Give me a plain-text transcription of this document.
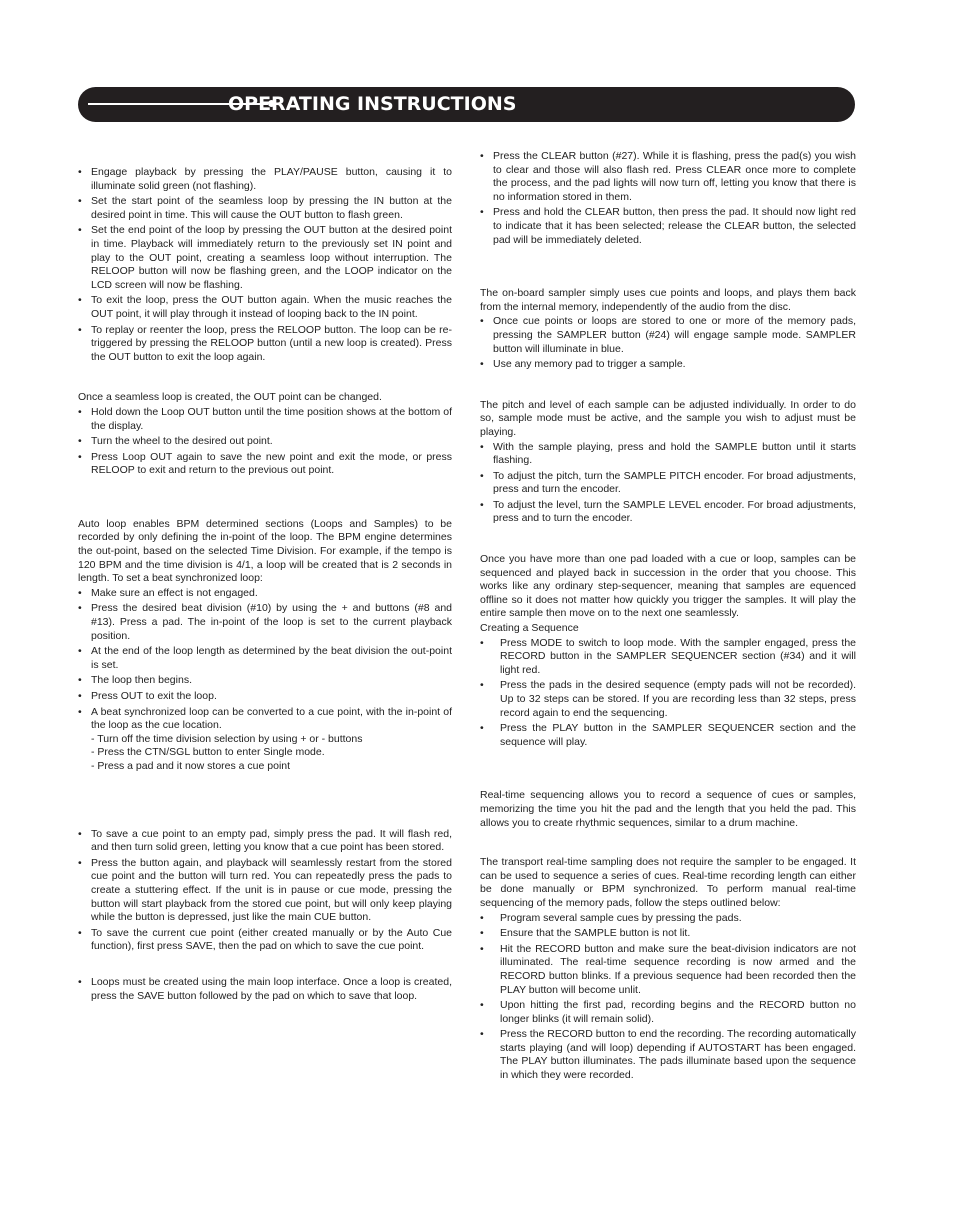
OPERATING INSTRUCTIONS
• Engage playback by pressing the PLAY/PAUSE button, causing it to illuminate solid green (not flashing).
• Set the start point of the seamless loop by pressing the IN button at the desired point in time. This will cause the OUT button to flash green.
• Set the end point of the loop by pressing the OUT button at the desired point in time. Playback will immediately return to the previously set IN point and play to the OUT point, creating a seamless loop without interruption. The RELOOP button will now be flashing green, and the LOOP indicator on the LCD screen will now be flashing.
• To exit the loop, press the OUT button again. When the music reaches the OUT point, it will play through it instead of looping back to the IN point.
• To replay or reenter the loop, press the RELOOP button. The loop can be re-triggered by pressing the RELOOP button (until a new loop is created). Press the OUT button to exit the loop again.

Once a seamless loop is created, the OUT point can be changed.

• Hold down the Loop OUT button until the time position shows at the bottom of the display.
• Turn the wheel to the desired out point.
• Press Loop OUT again to save the new point and exit the mode, or press RELOOP to exit and return to the previous out point.

Auto loop enables BPM determined sections (Loops and Samples) to be recorded by only defining the in-point of the loop. The BPM engine determines the out-point, based on the selected Time Division. For example, if the tempo is 120 BPM and the time division is 4/1, a loop will be created that is 2 seconds in length. To set a beat synchronized loop:

• Make sure an effect is not engaged.
• Press the desired beat division (#10) by using the + and buttons (#8 and #13). Press a pad. The in-point of the loop is set to the current playback position.
• At the end of the loop length as determined by the beat division the out-point is set.
• The loop then begins.
• Press OUT to exit the loop.
• A beat synchronized loop can be converted to a cue point, with the in-point of the loop as the cue location.
- Turn off the time division selection by using + or - buttons
- Press the CTN/SGL button to enter Single mode.
- Press a pad and it now stores a cue point
• To save a cue point to an empty pad, simply press the pad. It will flash red, and then turn solid green, letting you know that a cue point has been stored.
• Press the button again, and playback will seamlessly restart from the stored cue point and the button will turn red. You can repeatedly press the pads to create a stuttering effect. If the unit is in pause or cue mode, pressing the button will start playback from the stored cue point, but will only keep playing while the button is depressed, just like the main CUE button.
• To save the current cue point (either created manually or by the Auto Cue function), first press SAVE, then the pad on which to save the cue point.
• Loops must be created using the main loop interface. Once a loop is created, press the SAVE button followed by the pad on which to save that loop.
• Press the CLEAR button (#27). While it is flashing, press the pad(s) you wish to clear and those will also flash red. Press CLEAR once more to complete the process, and the pad lights will now turn off, letting you know that there is no information stored in them.
• Press and hold the CLEAR button, then press the pad. It should now light red to indicate that it has been selected; release the CLEAR button, the selected pad will be immediately deleted.

The on-board sampler simply uses cue points and loops, and plays them back from the internal memory, independently of the audio from the disc.

• Once cue points or loops are stored to one or more of the memory pads, pressing the SAMPLER button (#24) will engage sample mode. SAMPLER button will illuminate in blue.
• Use any memory pad to trigger a sample.

The pitch and level of each sample can be adjusted individually. In order to do so, sample mode must be active, and the sample you wish to adjust must be playing.

• With the sample playing, press and hold the SAMPLE button until it starts flashing.
• To adjust the pitch, turn the SAMPLE PITCH encoder. For broad adjustments, press and turn the encoder.
• To adjust the level, turn the SAMPLE LEVEL encoder. For broad adjustments, press and to turn the encoder.

Once you have more than one pad loaded with a cue or loop, samples can be sequenced and played back in succession in the order that you choose. This works like any ordinary step-sequencer, meaning that samples are equenced offline so it does not matter how quickly you trigger the samples. It will play the entire sample then move on to the next one seamlessly.

Creating a Sequence

• Press MODE to switch to loop mode. With the sampler engaged, press the RECORD button in the SAMPLER SEQUENCER section (#34) and it will light red.
• Press the pads in the desired sequence (empty pads will not be recorded). Up to 32 steps can be stored. If you are recording less than 32 steps, press record again to end the sequencing.
• Press the PLAY button in the SAMPLER SEQUENCER section and the sequence will play.

Real-time sequencing allows you to record a sequence of cues or samples, memorizing the time you hit the pad and the length that you held the pad. This allows you to create rhythmic sequences, similar to a drum machine.

The transport real-time sampling does not require the sampler to be engaged. It can be used to sequence a series of cues. Real-time recording length can either be done manually or BPM synchronized. To perform manual real-time sequencing of the memory pads, follow the steps outlined below:

• Program several sample cues by pressing the pads.
• Ensure that the SAMPLE button is not lit.
• Hit the RECORD button and make sure the beat-division indicators are not illuminated. The real-time sequence recording is now armed and the RECORD button blinks. If a previous sequence had been recorded then the PLAY button will become unlit.
• Upon hitting the first pad, recording begins and the RECORD button no longer blinks (it will remain solid).
• Press the RECORD button to end the recording. The recording automatically starts playing (and will loop) depending if AUTOSTART has been engaged. The PLAY button illuminates. The pads illuminate based upon the sequence in which they were recorded.
